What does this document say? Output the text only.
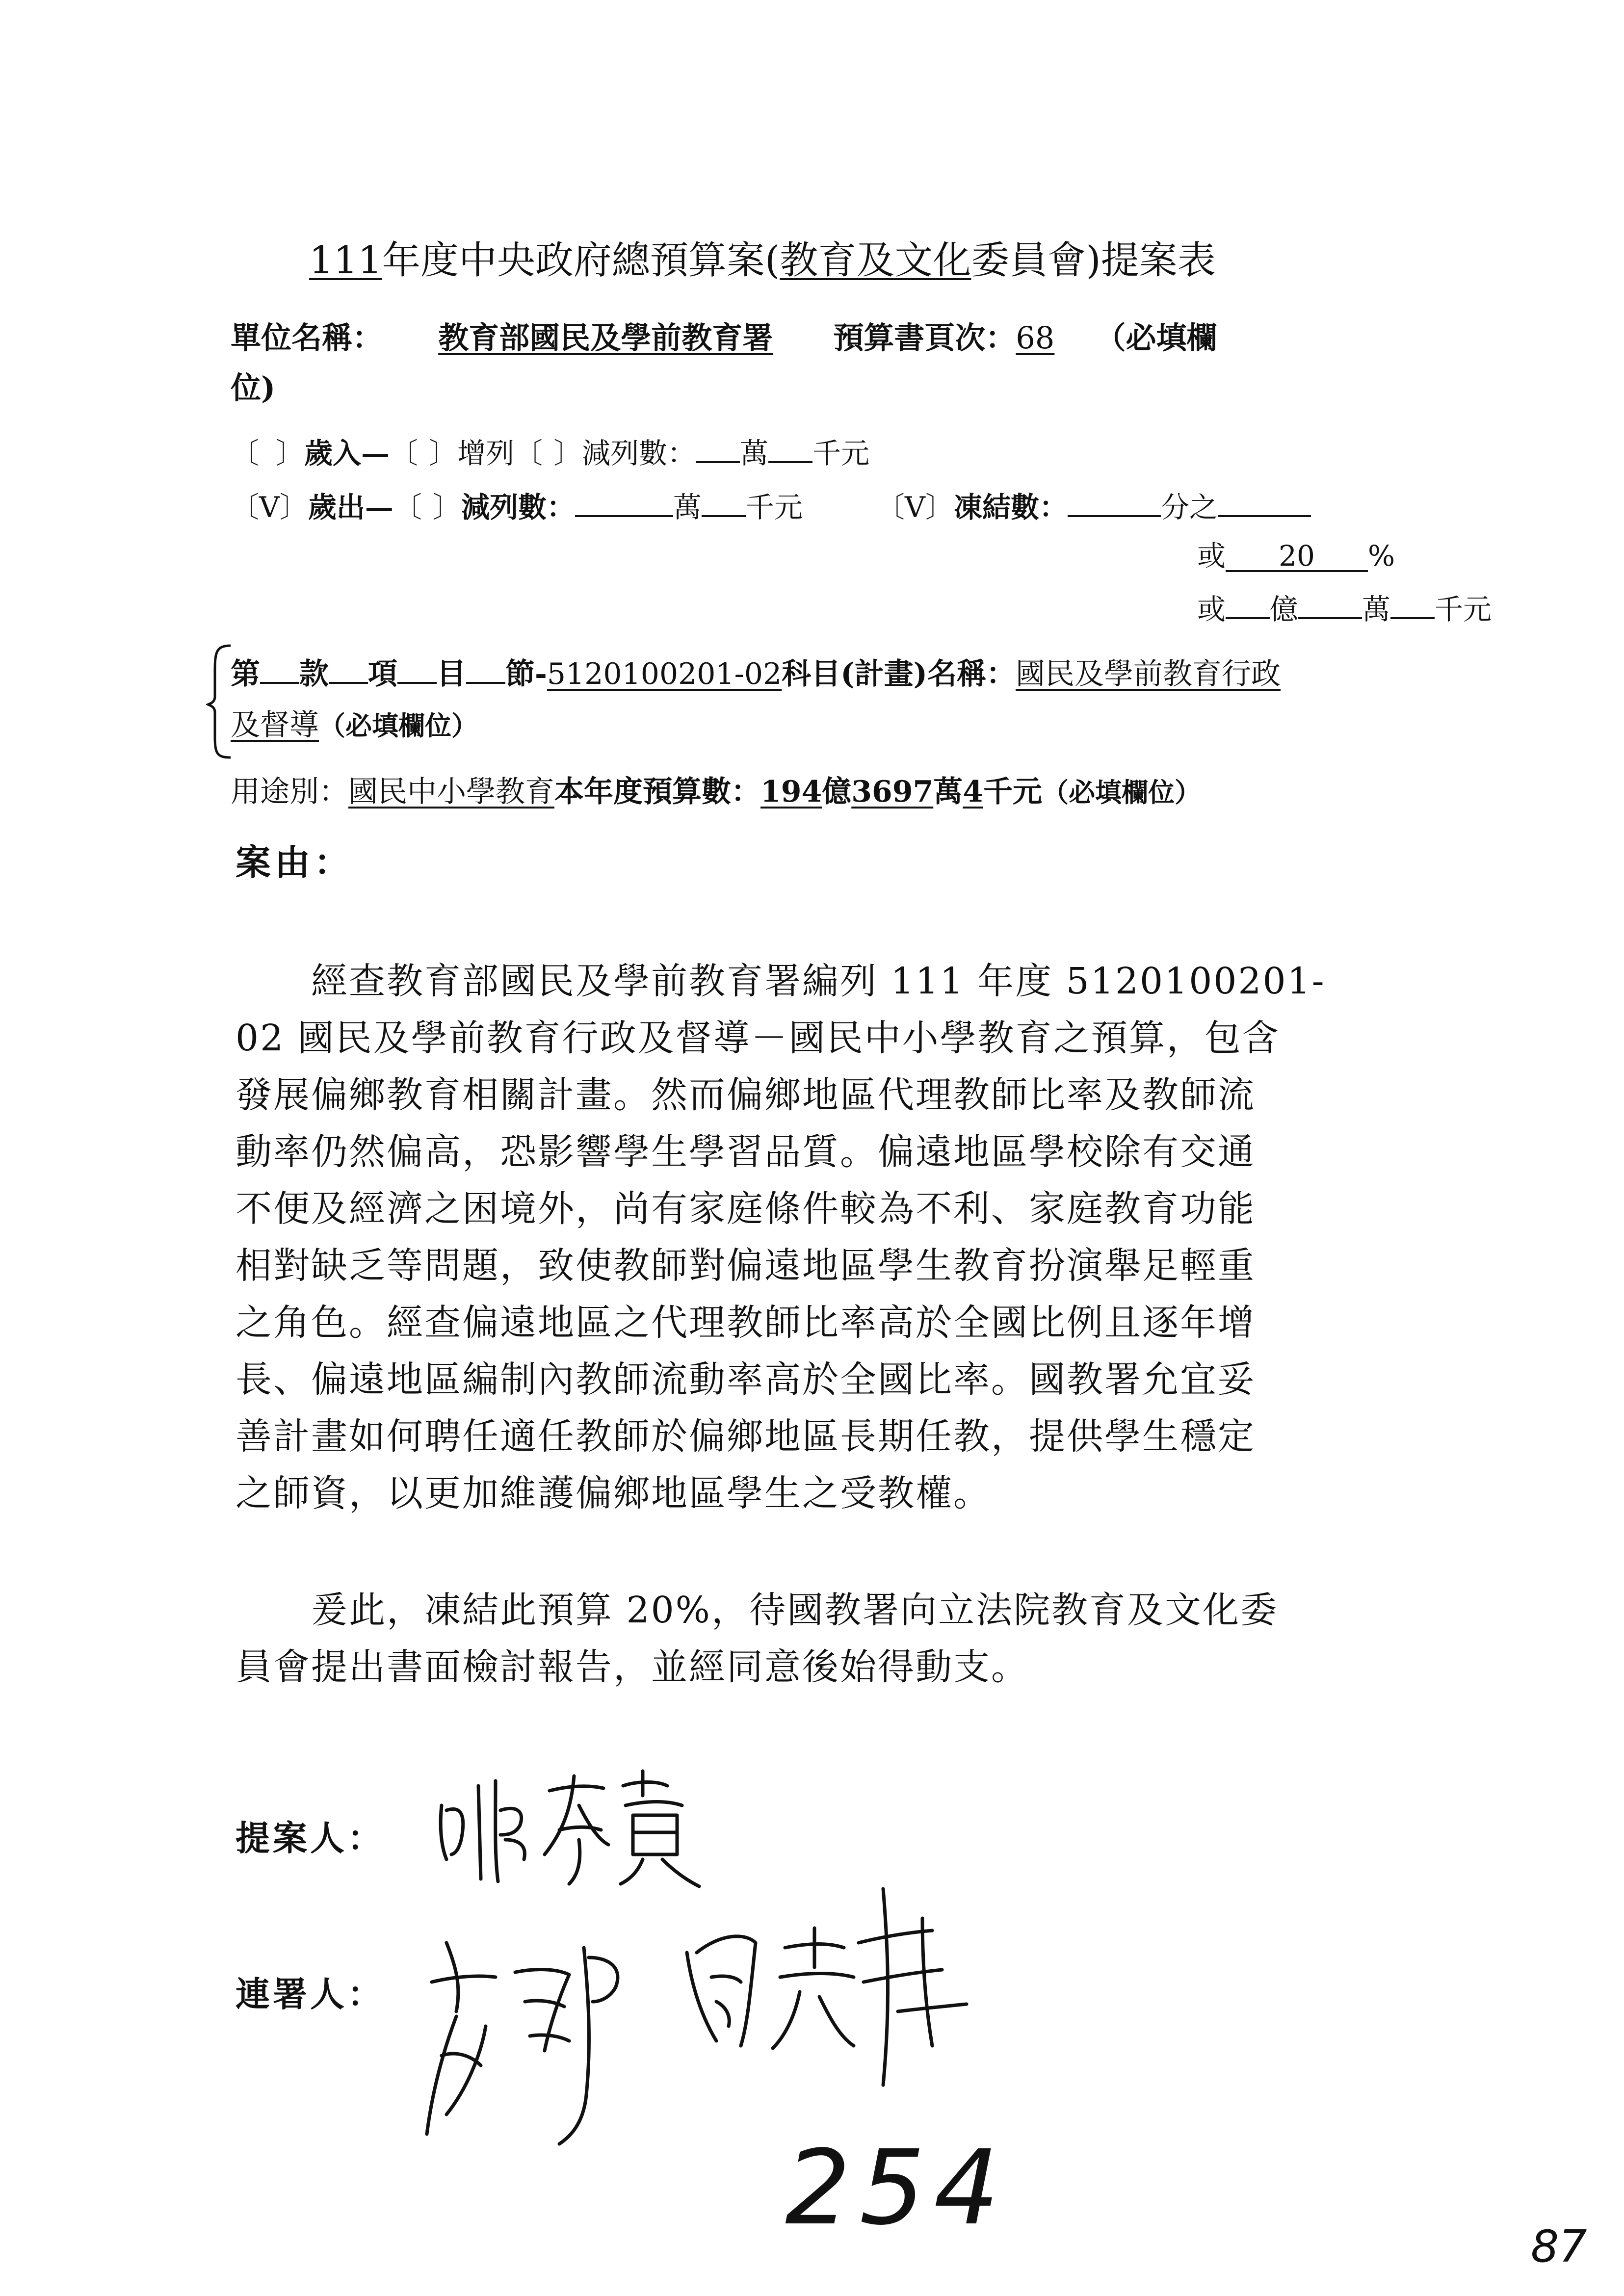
111年度中央政府總預算案(教育及文化委員會)提案表
單位名稱： 教育部國民及學前教育署 預算書頁次：68 （必填欄
位)
〔 〕歲入—〔 〕增列〔 〕減列數： 萬 千元
〔V〕歲出—〔 〕減列數：	萬 千元	〔V〕凍結數：	分之
或 20 %
或 億 萬 千元
第 款 項 目 節-5120100201-02科目(計畫)名稱：國民及學前教育行政
及督導（必填欄位）
用途別：國民中小學教育本年度預算數：194億3697萬4千元（必填欄位）
案由：
　　經查教育部國民及學前教育署編列 111 年度 5120100201-
02 國民及學前教育行政及督導－國民中小學教育之預算，包含
發展偏鄉教育相關計畫。然而偏鄉地區代理教師比率及教師流
動率仍然偏高，恐影響學生學習品質。偏遠地區學校除有交通
不便及經濟之困境外，尚有家庭條件較為不利、家庭教育功能
相對缺乏等問題，致使教師對偏遠地區學生教育扮演舉足輕重
之角色。經查偏遠地區之代理教師比率高於全國比例且逐年增
長、偏遠地區編制內教師流動率高於全國比率。國教署允宜妥
善計畫如何聘任適任教師於偏鄉地區長期任教，提供學生穩定
之師資，以更加維護偏鄉地區學生之受教權。
　　爰此，凍結此預算 20%，待國教署向立法院教育及文化委
員會提出書面檢討報告，並經同意後始得動支。
提案人：
連署人：
254	87
